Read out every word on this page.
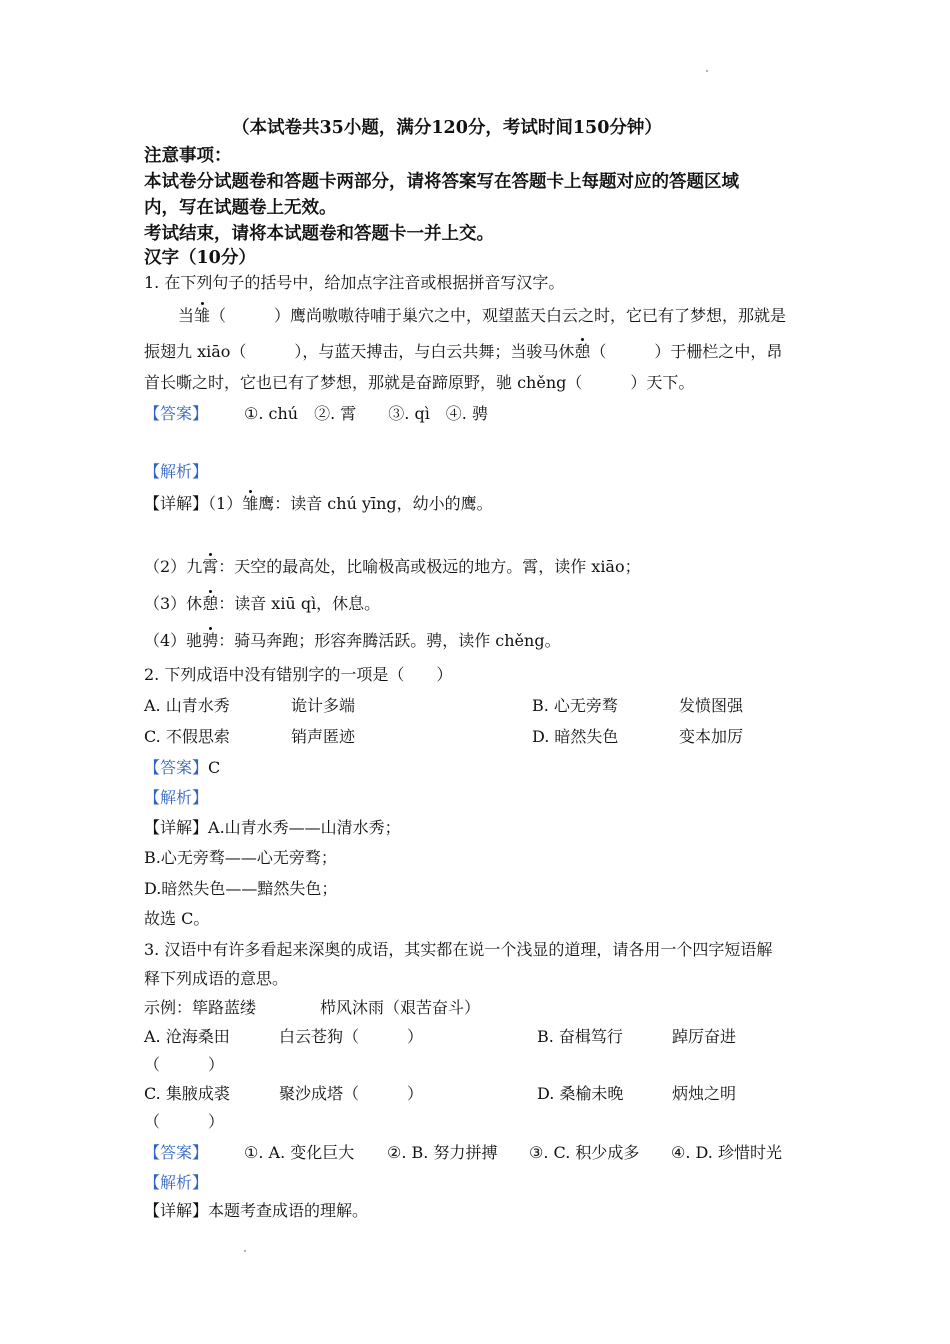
（本试卷共35小题，满分120分，考试时间150分钟）
注意事项：
本试卷分试题卷和答题卡两部分，请将答案写在答题卡上每题对应的答题区域
内，写在试题卷上无效。
考试结束，请将本试题卷和答题卡一并上交。
汉字（10分）
1. 在下列句子的括号中，给加点字注音或根据拼音写汉字。
当雏（　　　）鹰尚嗷嗷待哺于巢穴之中，观望蓝天白云之时，它已有了梦想，那就是
振翅九 xiāo（　　　），与蓝天搏击，与白云共舞；当骏马休憩（　　　）于栅栏之中，昂
首长嘶之时，它也已有了梦想，那就是奋蹄原野，驰 chěng（　　　）天下。
【答案】 ①. chú　②. 霄　　③. qì　④. 骋
【解析】
【详解】（1）雏鹰：读音 chú yīng，幼小的鹰。
（2）九霄：天空的最高处，比喻极高或极远的地方。霄，读作 xiāo；
（3）休憩：读音 xiū qì，休息。
（4）驰骋：骑马奔跑；形容奔腾活跃。骋，读作 chěng。
2. 下列成语中没有错别字的一项是（　　）
A. 山青水秀	诡计多端	B. 心无旁骛	发愤图强
C. 不假思索	销声匿迹	D. 暗然失色	变本加厉
【答案】C
【解析】
【详解】A.山青水秀——山清水秀；
B.心无旁骛——心无旁骛；
D.暗然失色——黯然失色；
故选 C。
3. 汉语中有许多看起来深奥的成语，其实都在说一个浅显的道理，请各用一个四字短语解
释下列成语的意思。
示例：筚路蓝缕　　　　栉风沐雨（艰苦奋斗）
A. 沧海桑田	白云苍狗（　　　）	B. 奋楫笃行	踔厉奋进
（　　　）
C. 集腋成裘	聚沙成塔（　　　）	D. 桑榆未晚	炳烛之明
（　　　）
【答案】 ①. A. 变化巨大 ②. B. 努力拼搏 ③. C. 积少成多 ④. D. 珍惜时光
【解析】
【详解】本题考查成语的理解。
